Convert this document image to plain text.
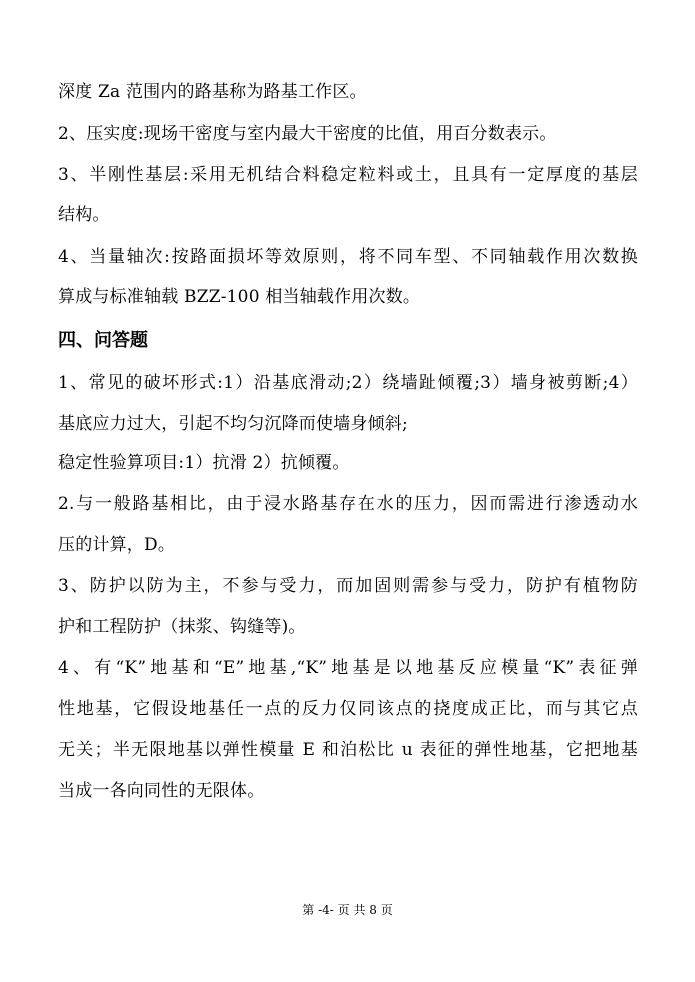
深度 Za 范围内的路基称为路基工作区。
2、压实度:现场干密度与室内最大干密度的比值，用百分数表示。
3、半刚性基层:采用无机结合料稳定粒料或土，且具有一定厚度的基层
结构。
4、当量轴次:按路面损坏等效原则，将不同车型、不同轴载作用次数换
算成与标准轴载 BZZ-100 相当轴载作用次数。
四、问答题
1、常见的破坏形式:1）沿基底滑动;2）绕墙趾倾覆;3）墙身被剪断;4）
基底应力过大，引起不均匀沉降而使墙身倾斜;
稳定性验算项目:1）抗滑 2）抗倾覆。
2.与一般路基相比，由于浸水路基存在水的压力，因而需进行渗透动水
压的计算，D。
3、防护以防为主，不参与受力，而加固则需参与受力，防护有植物防
护和工程防护（抹浆、钩缝等)。
4、有“K”地基和“E”地基,“K”地基是以地基反应模量“K”表征弹
性地基，它假设地基任一点的反力仅同该点的挠度成正比，而与其它点
无关；半无限地基以弹性模量 E 和泊松比 u 表征的弹性地基，它把地基
当成一各向同性的无限体。
第 -4- 页 共 8 页
